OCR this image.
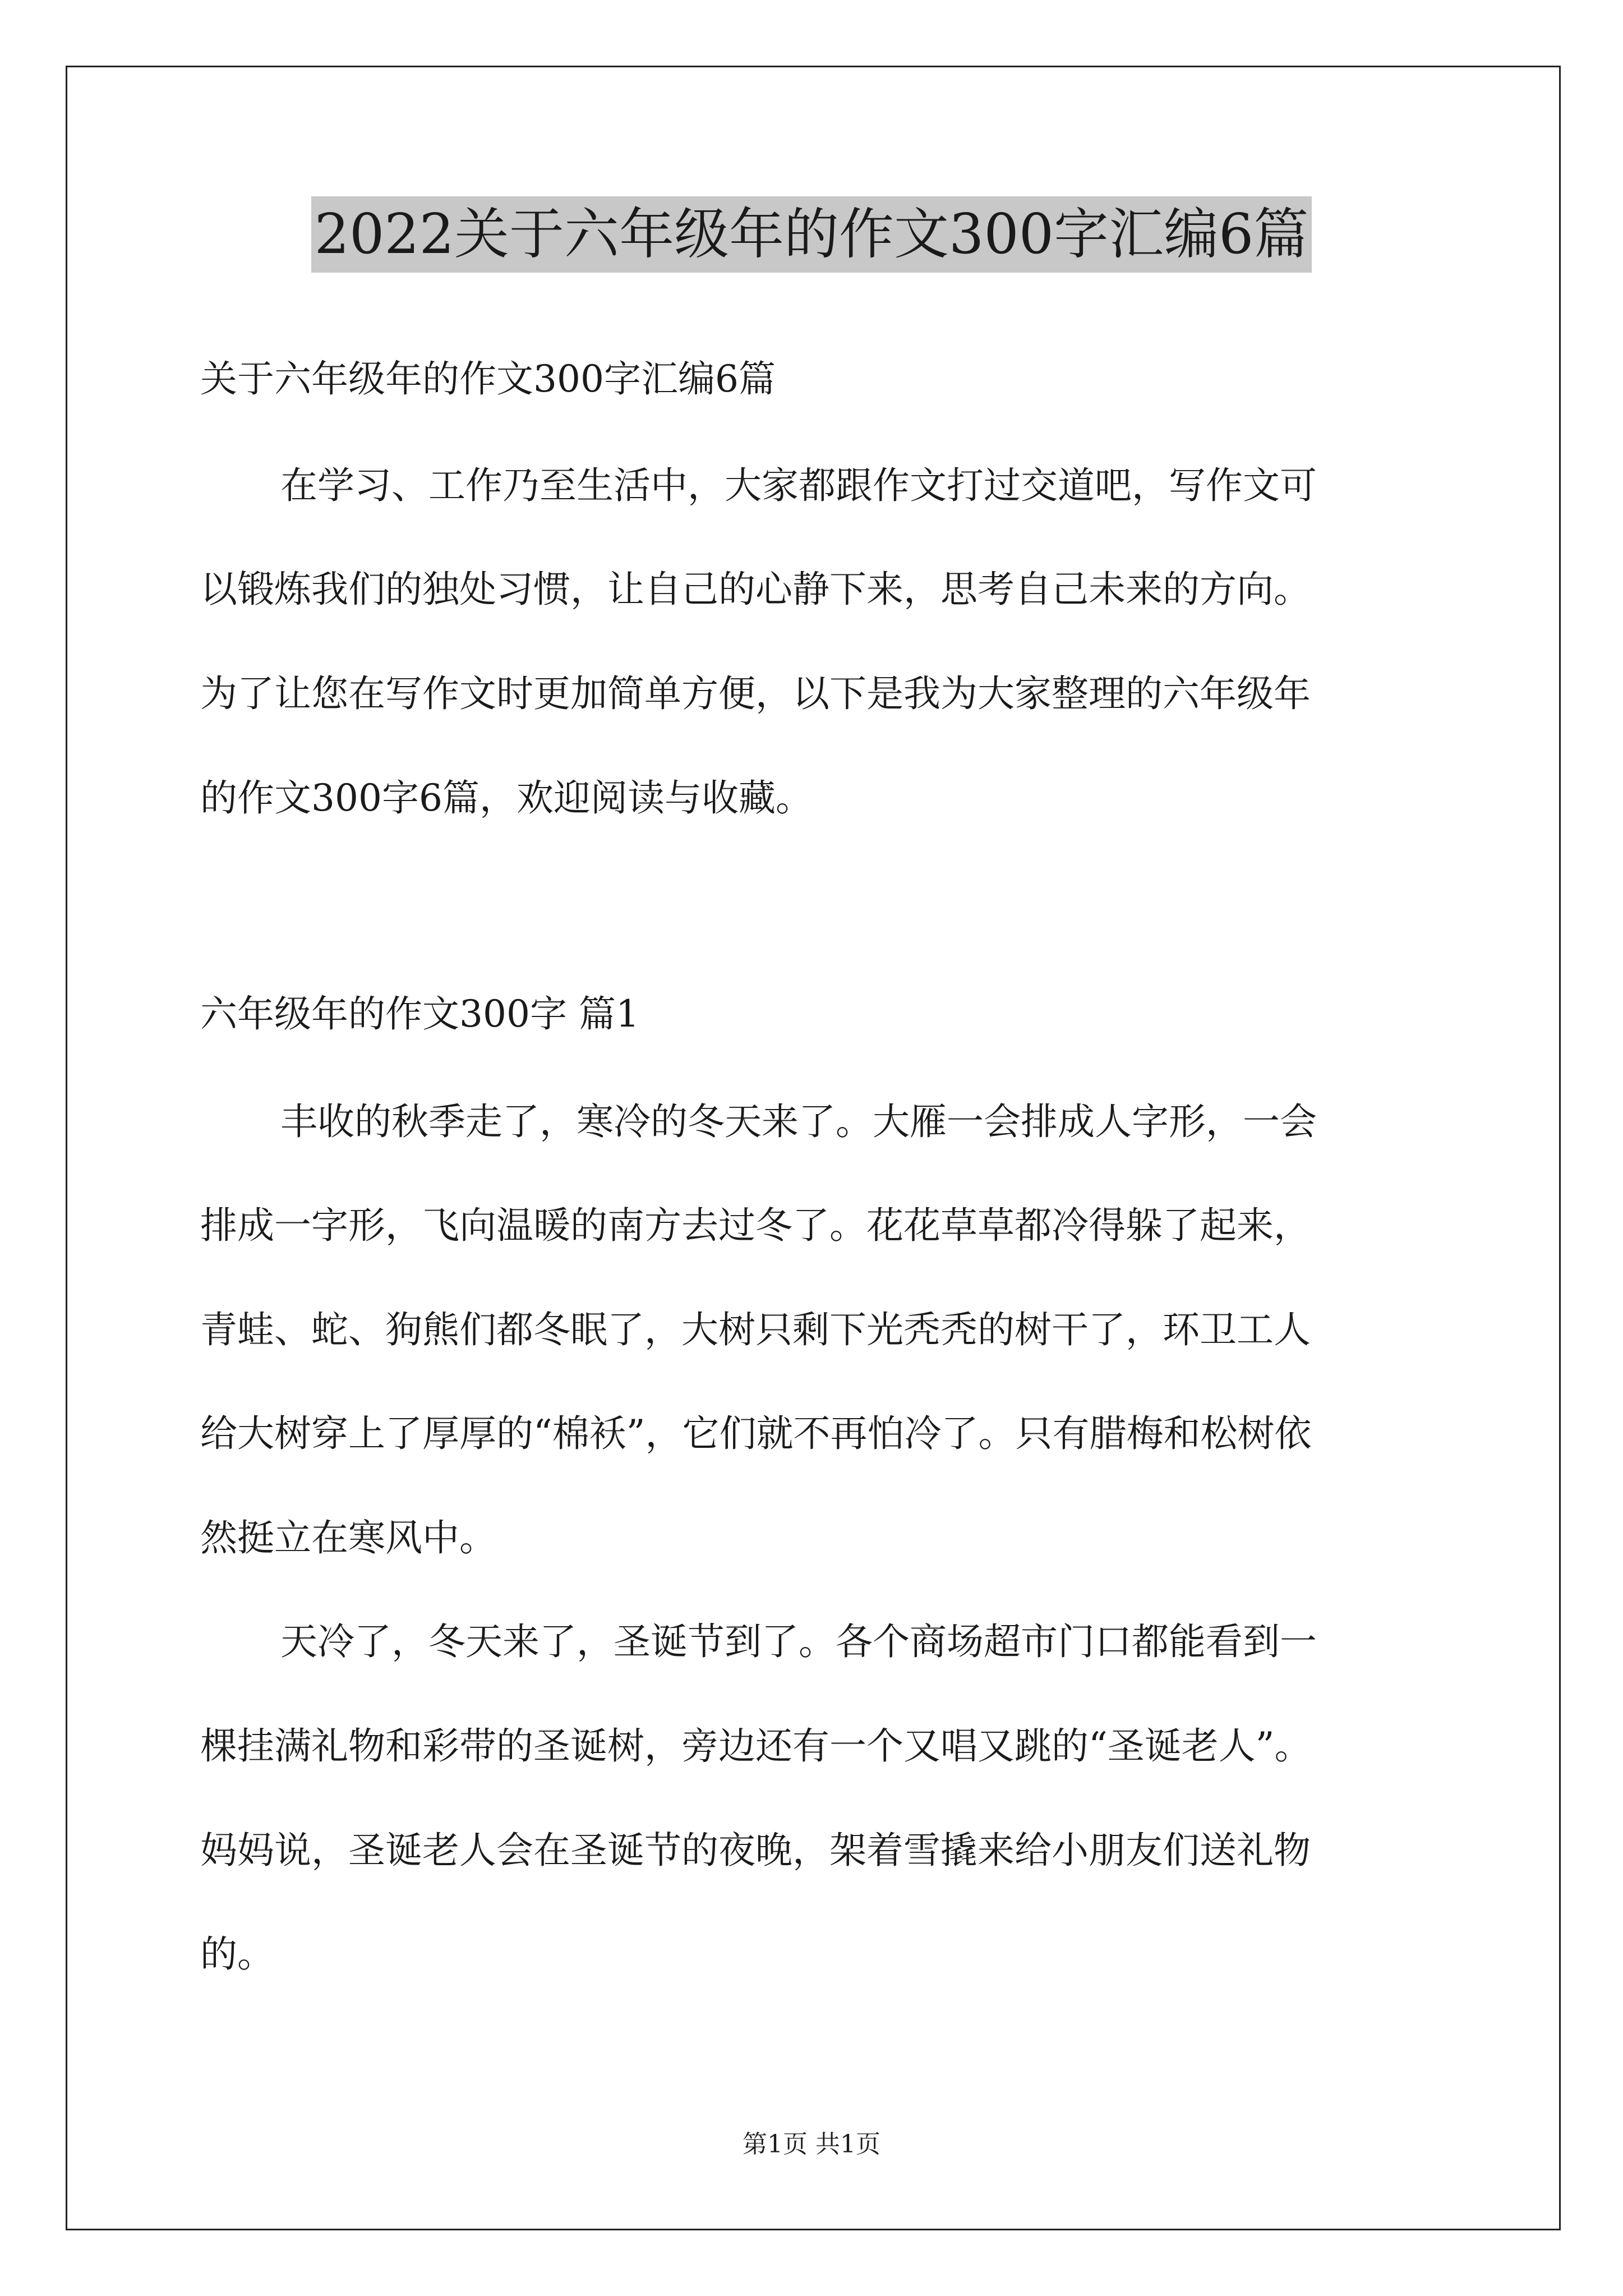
2022关于六年级年的作文300字汇编6篇
关于六年级年的作文300字汇编6篇
在学习、工作乃至生活中，大家都跟作文打过交道吧，写作文可
以锻炼我们的独处习惯，让自己的心静下来，思考自己未来的方向。
为了让您在写作文时更加简单方便，以下是我为大家整理的六年级年
的作文300字6篇，欢迎阅读与收藏。
六年级年的作文300字 篇1
丰收的秋季走了，寒冷的冬天来了。大雁一会排成人字形，一会
排成一字形，飞向温暖的南方去过冬了。花花草草都冷得躲了起来，
青蛙、蛇、狗熊们都冬眠了，大树只剩下光秃秃的树干了，环卫工人
给大树穿上了厚厚的“棉袄”，它们就不再怕冷了。只有腊梅和松树依
然挺立在寒风中。
天冷了，冬天来了，圣诞节到了。各个商场超市门口都能看到一
棵挂满礼物和彩带的圣诞树，旁边还有一个又唱又跳的“圣诞老人”。
妈妈说，圣诞老人会在圣诞节的夜晚，架着雪撬来给小朋友们送礼物
的。
第1页 共1页
